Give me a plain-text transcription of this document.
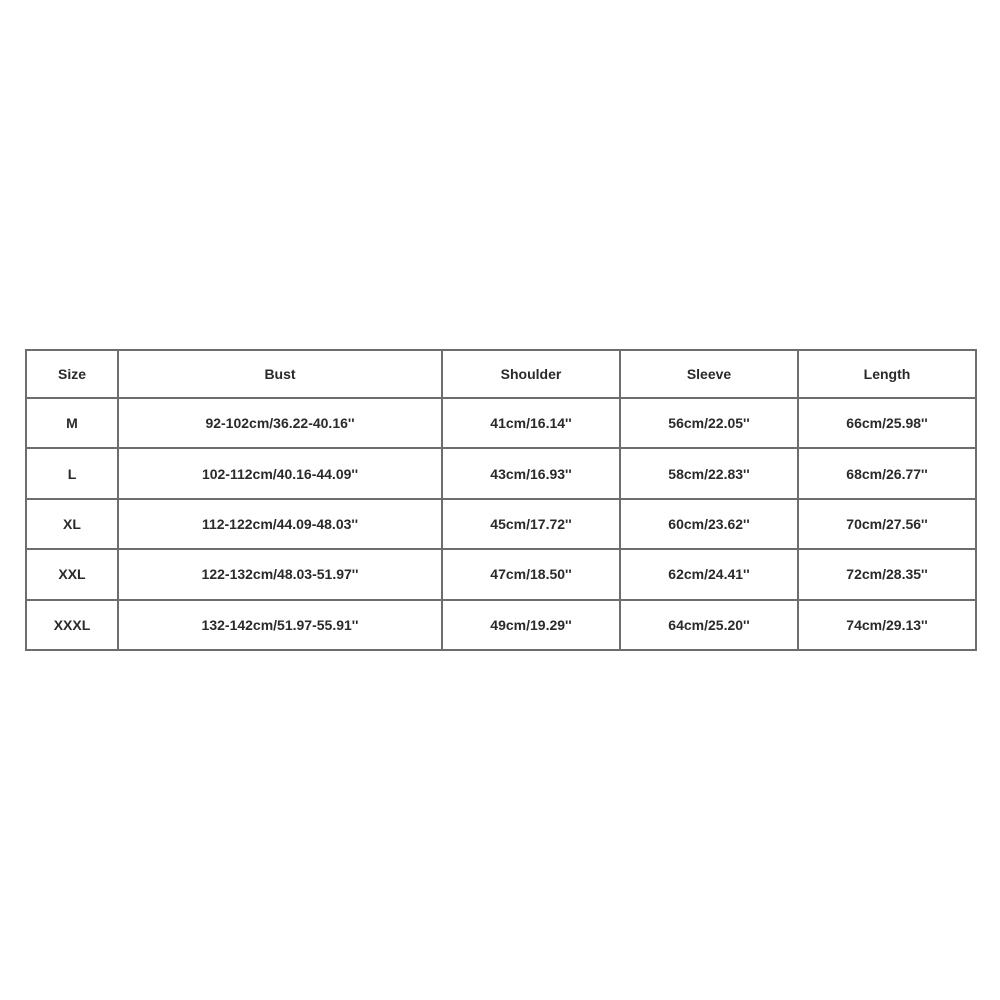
Size	Bust	Shoulder	Sleeve	Length
M	92-102cm/36.22-40.16''	41cm/16.14''	56cm/22.05''	66cm/25.98''
L	102-112cm/40.16-44.09''	43cm/16.93''	58cm/22.83''	68cm/26.77''
XL	112-122cm/44.09-48.03''	45cm/17.72''	60cm/23.62''	70cm/27.56''
XXL	122-132cm/48.03-51.97''	47cm/18.50''	62cm/24.41''	72cm/28.35''
XXXL	132-142cm/51.97-55.91''	49cm/19.29''	64cm/25.20''	74cm/29.13''
